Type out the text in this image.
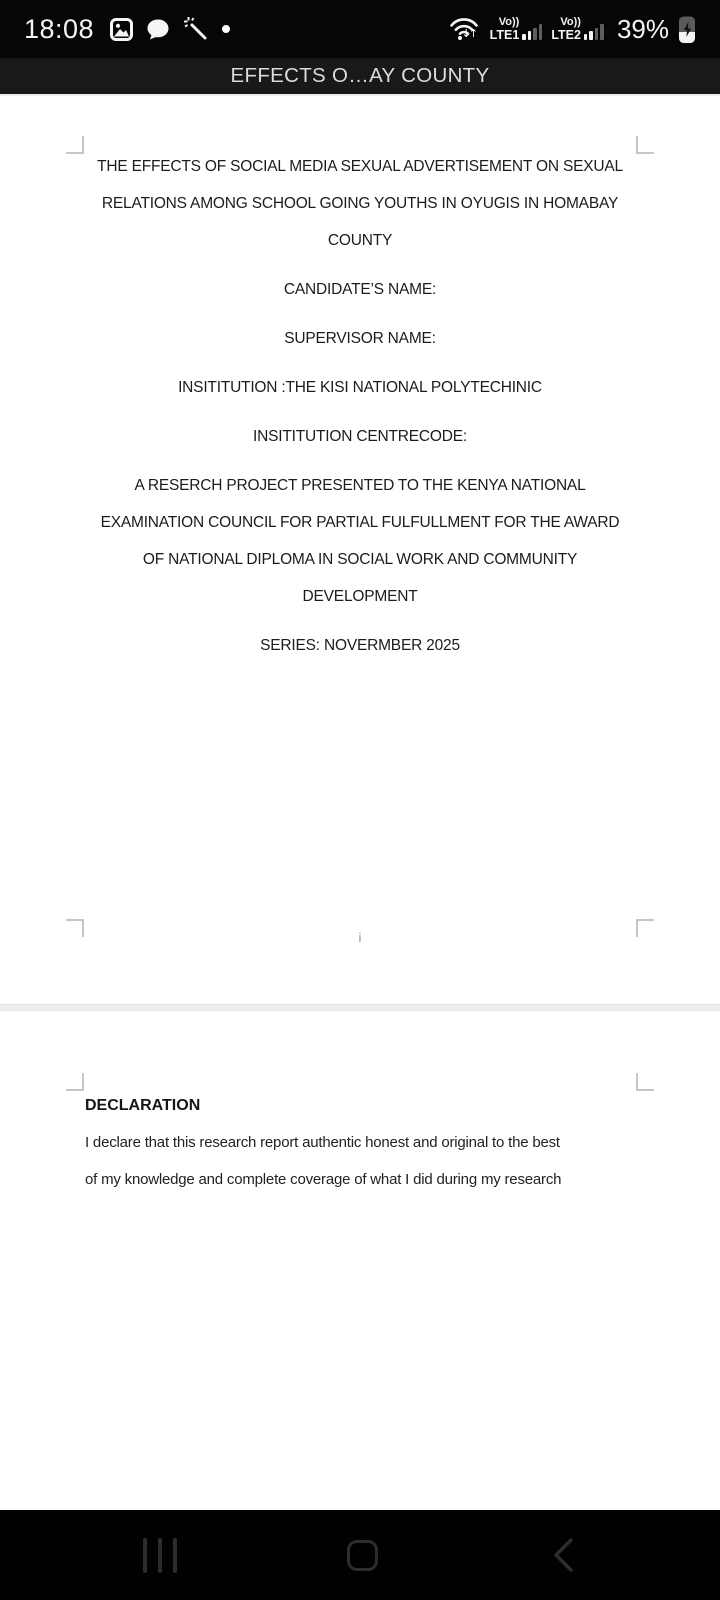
18:08	↓↑
Vo))
LTE1
Vo))
LTE2 39%
EFFECTS O…AY COUNTY
THE EFFECTS OF SOCIAL MEDIA SEXUAL ADVERTISEMENT ON SEXUAL
RELATIONS AMONG SCHOOL GOING YOUTHS IN OYUGIS IN HOMABAY
COUNTY
CANDIDATE’S NAME:
SUPERVISOR NAME:
INSITITUTION :THE KISI NATIONAL POLYTECHINIC
INSITITUTION CENTRECODE:
A RESERCH PROJECT PRESENTED TO THE KENYA NATIONAL
EXAMINATION COUNCIL FOR PARTIAL FULFULLMENT FOR THE AWARD
OF NATIONAL DIPLOMA IN SOCIAL WORK AND COMMUNITY
DEVELOPMENT
SERIES: NOVERMBER 2025
i
DECLARATION
I declare that this research report authentic honest and original to the best
of my knowledge and complete coverage of what I did during my research
